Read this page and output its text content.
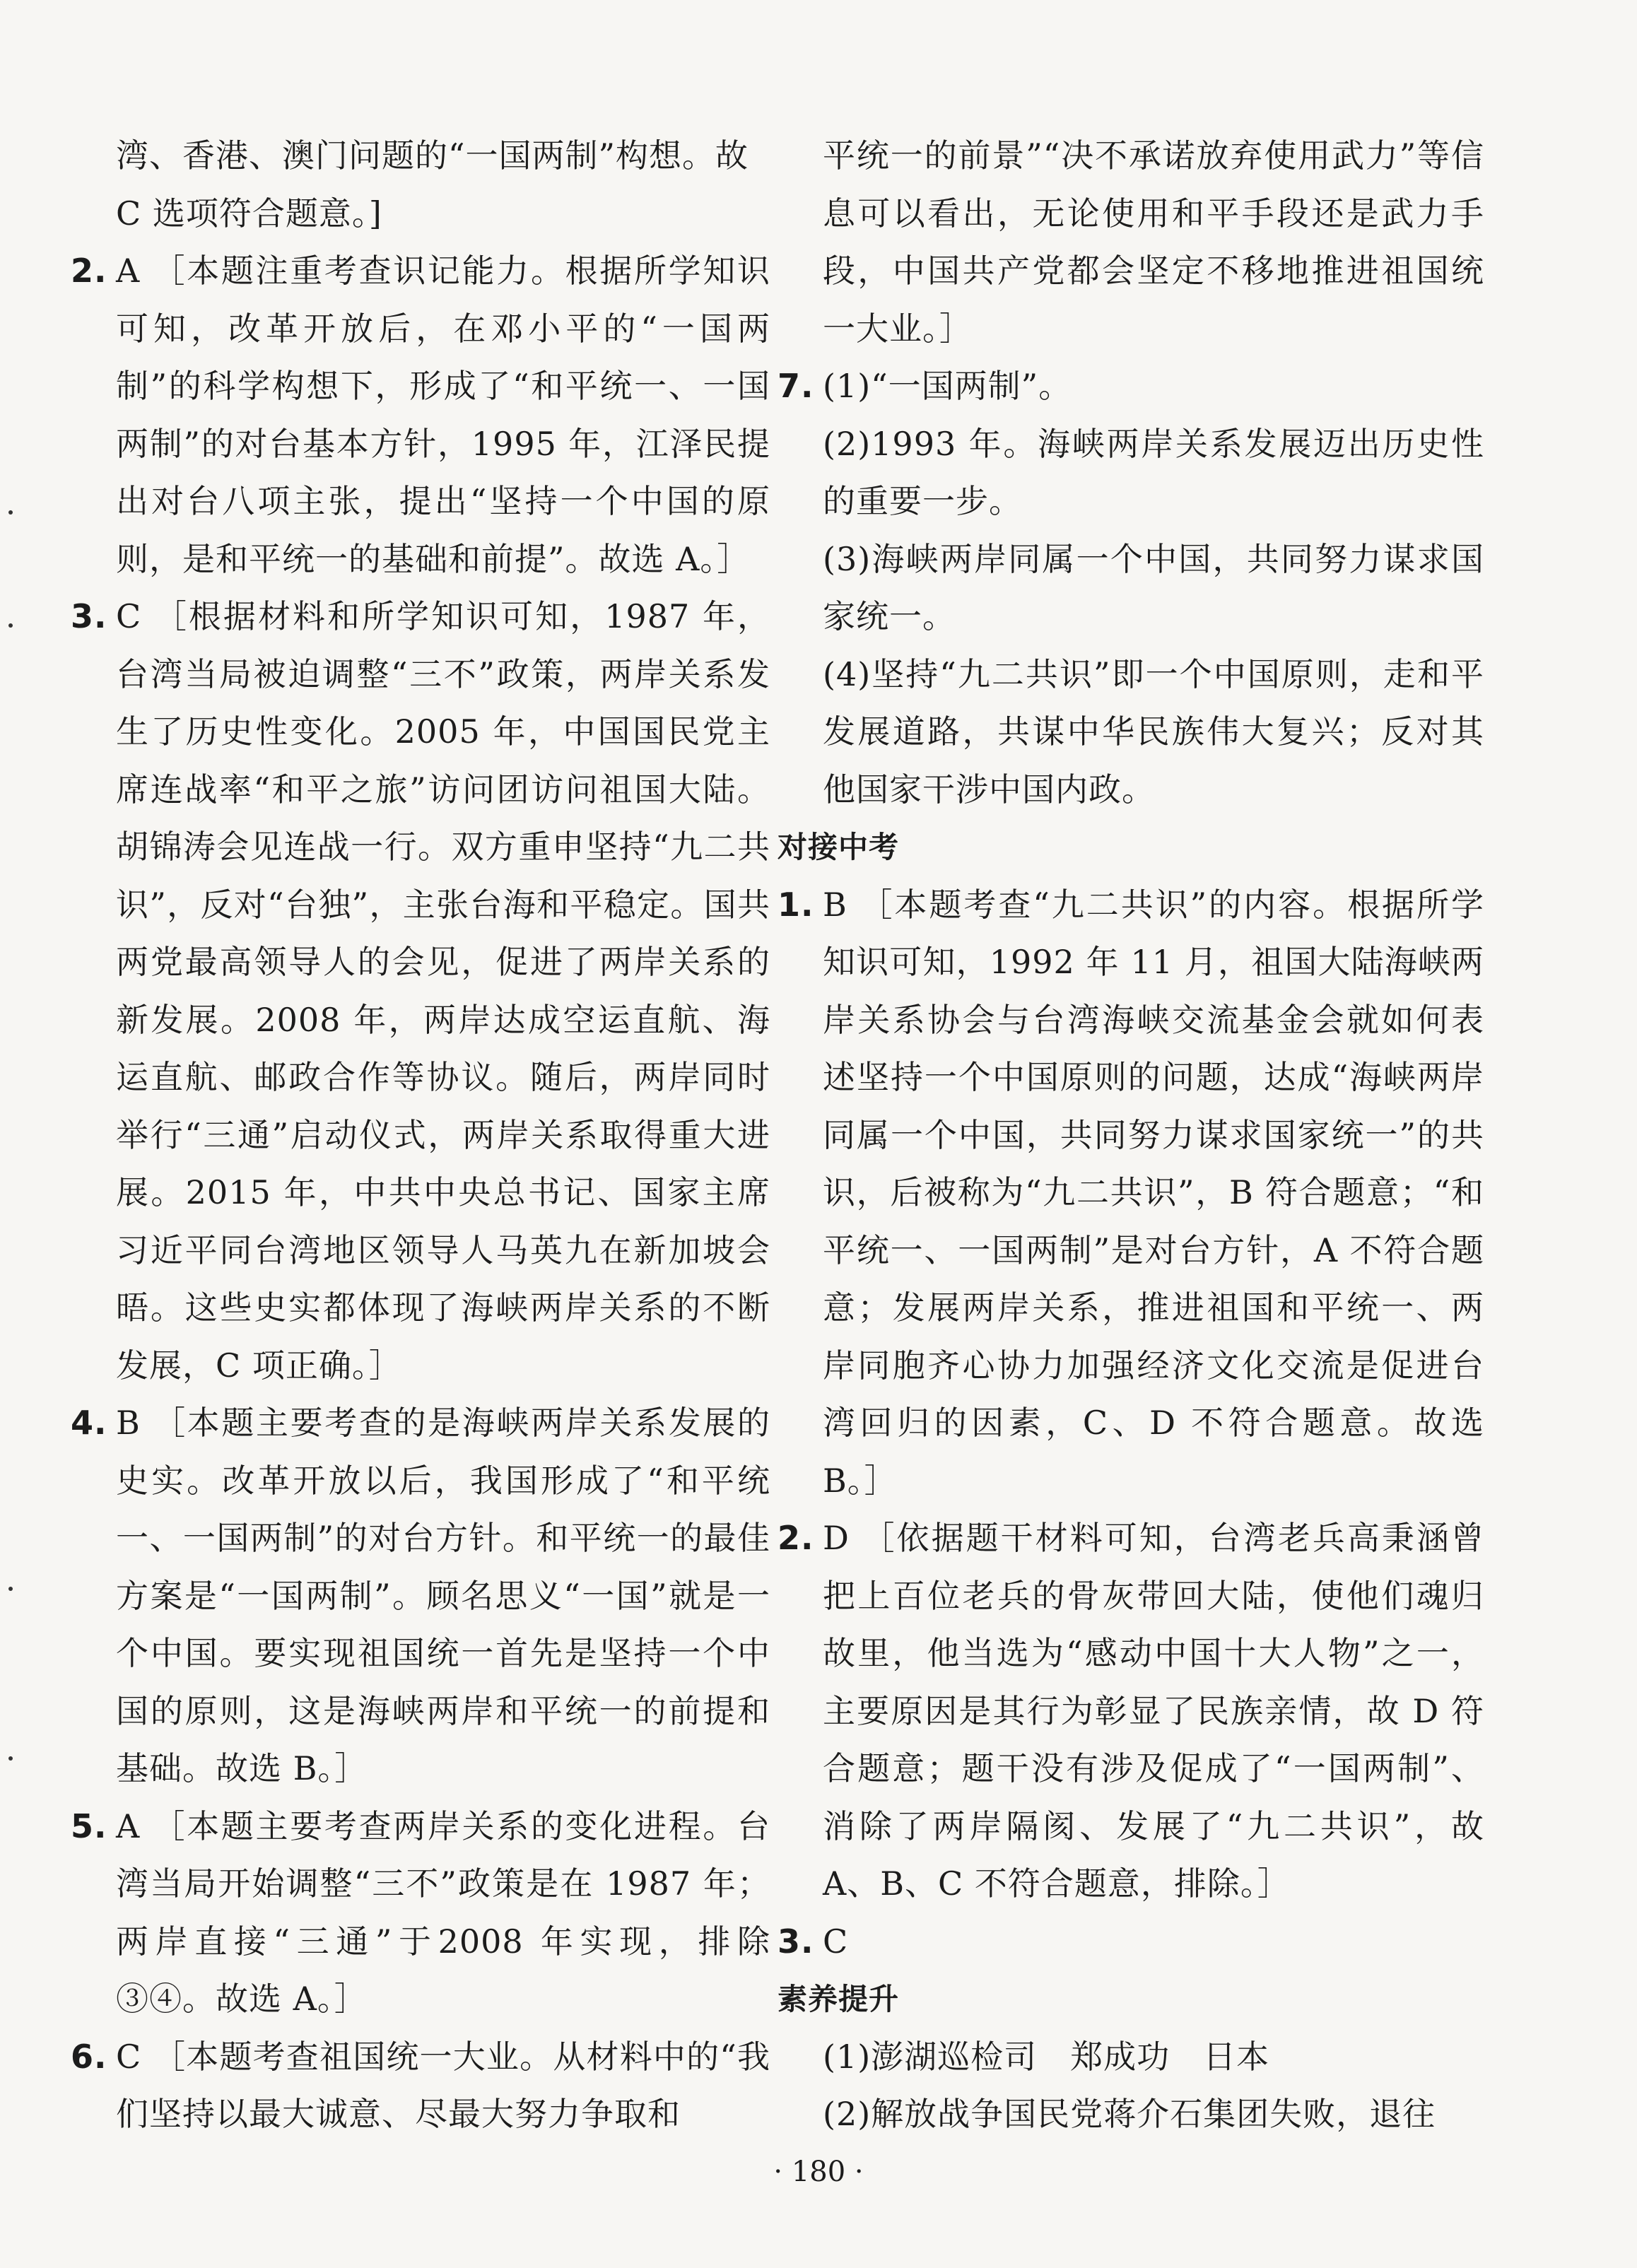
湾、香港、澳门问题的“一国两制”构想。故

C 选项符合题意。]

2. A ［本题注重考查识记能力。根据所学知识可知，改革开放后，在邓小平的“一国两制”的科学构想下，形成了“和平统一、一国两制”的对台基本方针，1995 年，江泽民提出对台八项主张，提出“坚持一个中国的原则，是和平统一的基础和前提”。故选 A。］

3. C ［根据材料和所学知识可知，1987 年，台湾当局被迫调整“三不”政策，两岸关系发生了历史性变化。2005 年，中国国民党主席连战率“和平之旅”访问团访问祖国大陆。胡锦涛会见连战一行。双方重申坚持“九二共识”，反对“台独”，主张台海和平稳定。国共两党最高领导人的会见，促进了两岸关系的新发展。2008 年，两岸达成空运直航、海运直航、邮政合作等协议。随后，两岸同时举行“三通”启动仪式，两岸关系取得重大进展。2015 年，中共中央总书记、国家主席习近平同台湾地区领导人马英九在新加坡会晤。这些史实都体现了海峡两岸关系的不断发展，C 项正确。］

4. B ［本题主要考查的是海峡两岸关系发展的史实。改革开放以后，我国形成了“和平统一、一国两制”的对台方针。和平统一的最佳方案是“一国两制”。顾名思义“一国”就是一个中国。要实现祖国统一首先是坚持一个中国的原则，这是海峡两岸和平统一的前提和基础。故选 B。］

5. A ［本题主要考查两岸关系的变化进程。台湾当局开始调整“三不”政策是在 1987 年；两岸直接“三通”于2008 年实现，排除③④。故选 A。］

6. C ［本题考查祖国统一大业。从材料中的“我们坚持以最大诚意、尽最大努力争取和

平统一的前景”“决不承诺放弃使用武力”等信息可以看出，无论使用和平手段还是武力手段，中国共产党都会坚定不移地推进祖国统一大业。］

7. (1)“一国两制”。

(2)1993 年。海峡两岸关系发展迈出历史性的重要一步。

(3)海峡两岸同属一个中国，共同努力谋求国家统一。

(4)坚持“九二共识”即一个中国原则，走和平发展道路，共谋中华民族伟大复兴；反对其他国家干涉中国内政。

对接中考

1. B ［本题考查“九二共识”的内容。根据所学知识可知，1992 年 11 月，祖国大陆海峡两岸关系协会与台湾海峡交流基金会就如何表述坚持一个中国原则的问题，达成“海峡两岸同属一个中国，共同努力谋求国家统一”的共识，后被称为“九二共识”，B 符合题意；“和平统一、一国两制”是对台方针，A 不符合题意；发展两岸关系，推进祖国和平统一、两岸同胞齐心协力加强经济文化交流是促进台湾回归的因素，C、D 不符合题意。故选 B。］

2. D ［依据题干材料可知，台湾老兵高秉涵曾把上百位老兵的骨灰带回大陆，使他们魂归故里，他当选为“感动中国十大人物”之一，主要原因是其行为彰显了民族亲情，故 D 符合题意；题干没有涉及促成了“一国两制”、消除了两岸隔阂、发展了“九二共识”，故 A、B、C 不符合题意，排除。］

3. C

素养提升

(1)澎湖巡检司　郑成功　日本

(2)解放战争国民党蒋介石集团失败，退往

· 180 ·
